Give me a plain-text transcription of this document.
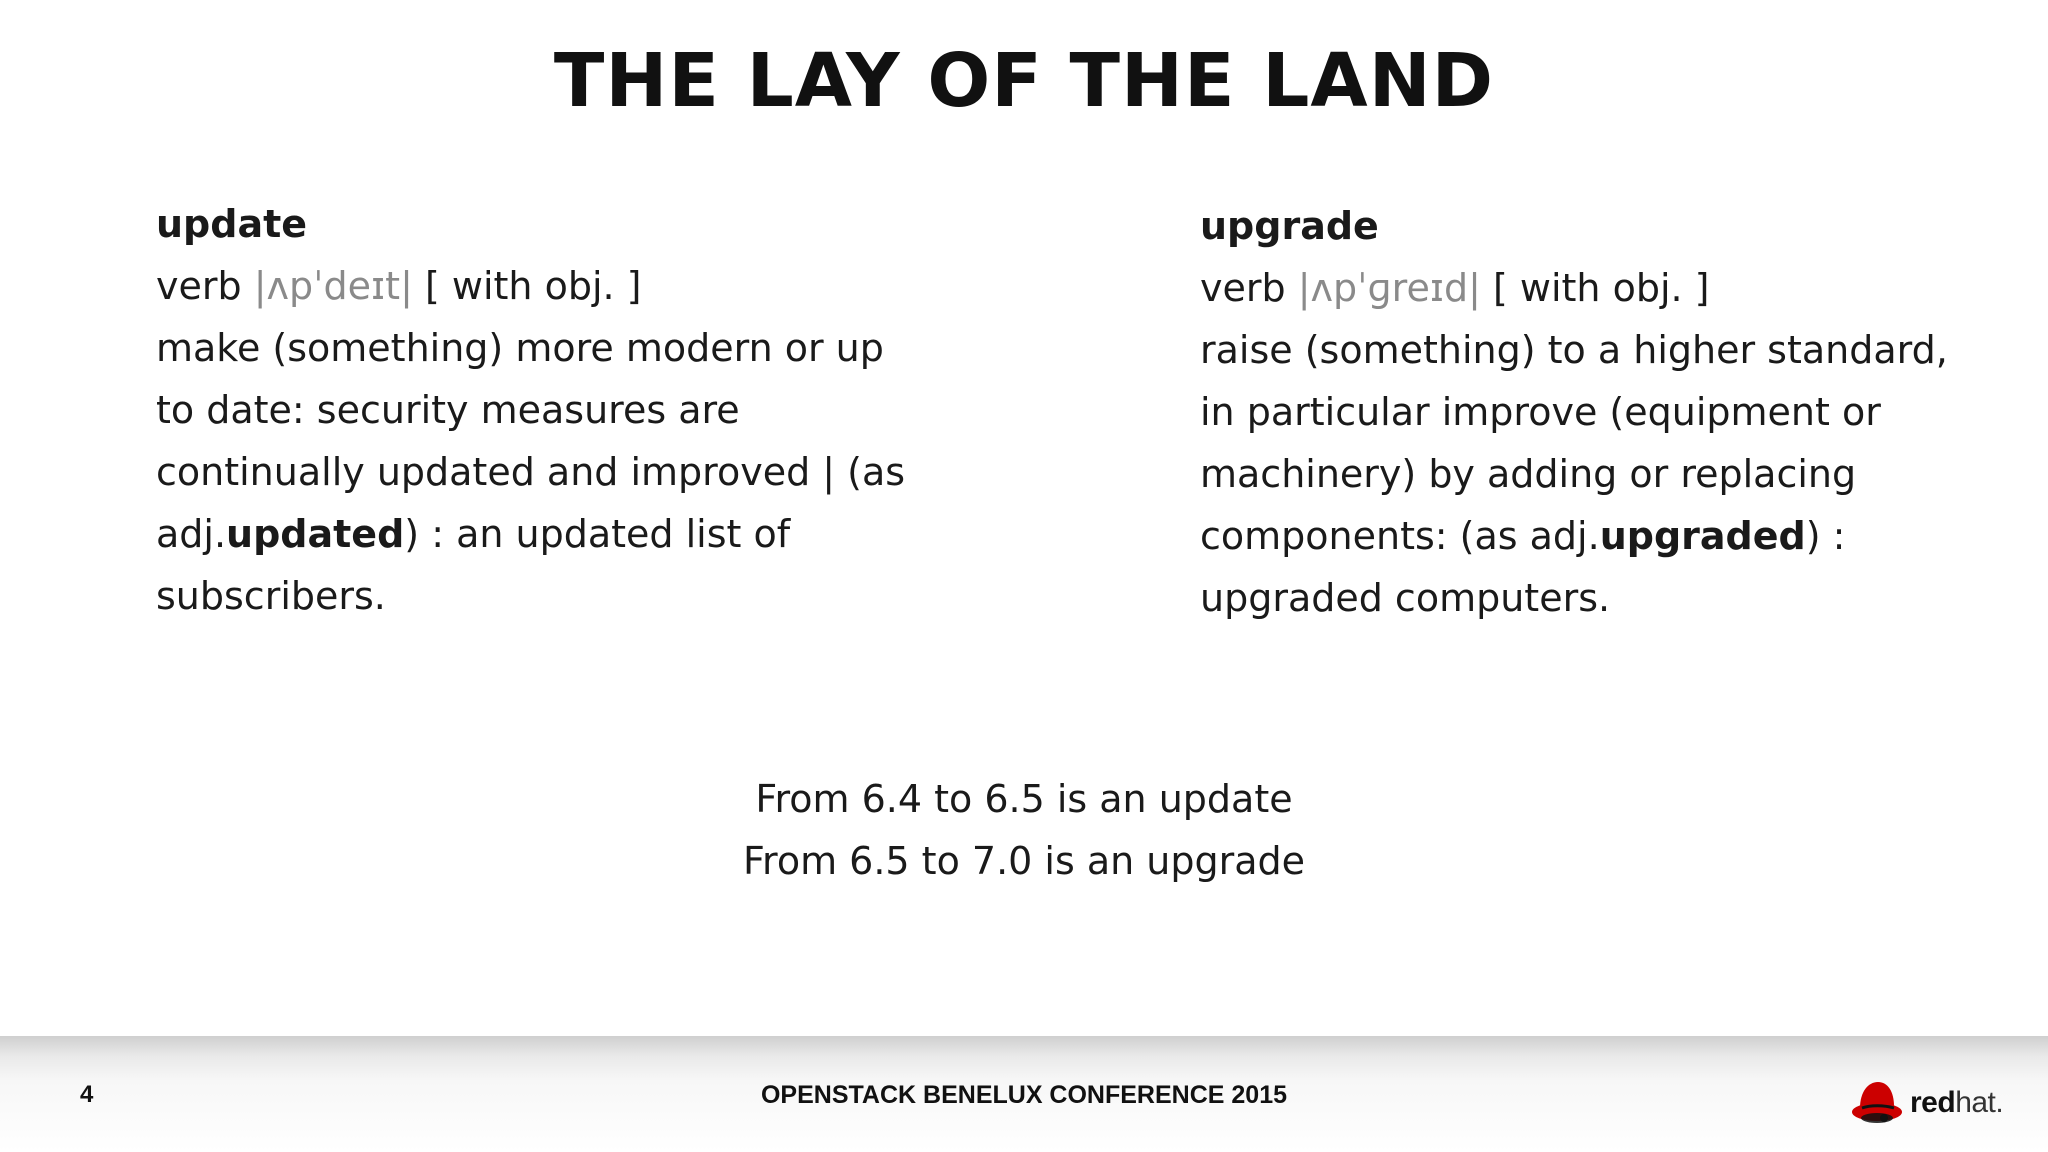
THE LAY OF THE LAND
update
verb |ʌpˈdeɪt| [ with obj. ]
make (something) more modern or up
to date: security measures are
continually updated and improved | (as
adj.updated) : an updated list of
subscribers.
upgrade
verb |ʌpˈɡreɪd| [ with obj. ]
raise (something) to a higher standard,
in particular improve (equipment or
machinery) by adding or replacing
components: (as adj.upgraded) :
upgraded computers.
From 6.4 to 6.5 is an update
From 6.5 to 7.0 is an upgrade
4	OPENSTACK BENELUX CONFERENCE 2015	redhat.
